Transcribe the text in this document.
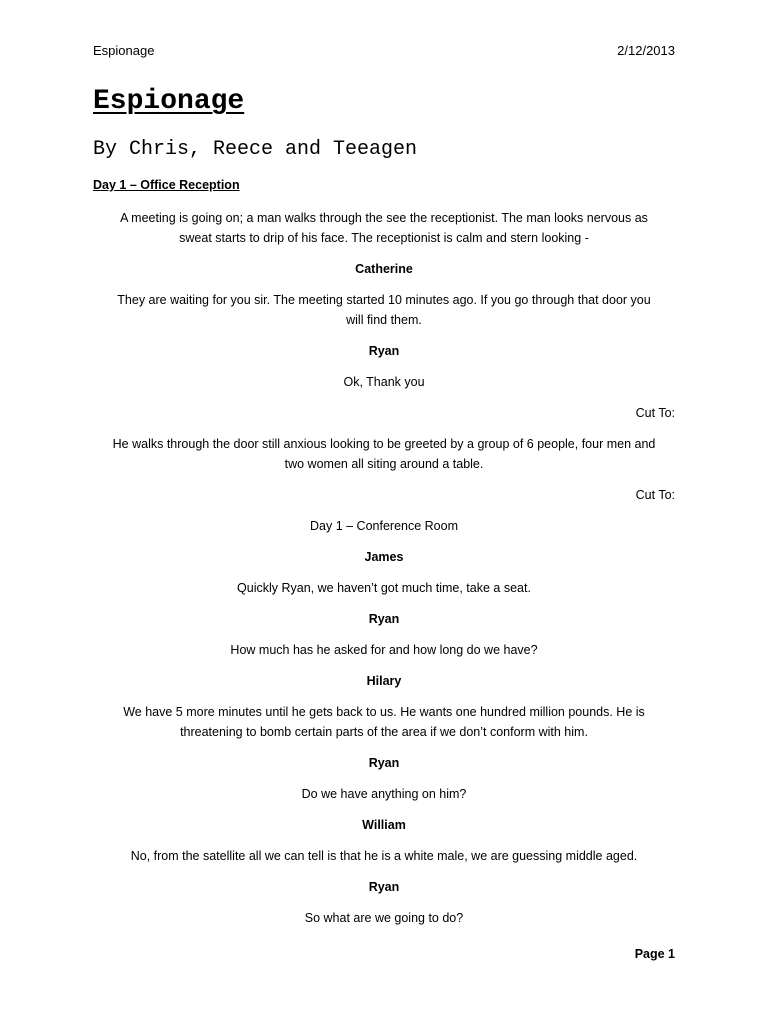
Espionage	2/12/2013
Espionage
By Chris, Reece and Teeagen
Day 1 – Office Reception
A meeting is going on; a man walks through the see the receptionist. The man looks nervous as
sweat starts to drip of his face. The receptionist is calm and stern looking -
Catherine
They are waiting for you sir. The meeting started 10 minutes ago. If you go through that door you
will find them.
Ryan
Ok, Thank you
Cut To:
He walks through the door still anxious looking to be greeted by a group of 6 people, four men and
two women all siting around a table.
Cut To:
Day 1 – Conference Room
James
Quickly Ryan, we haven’t got much time, take a seat.
Ryan
How much has he asked for and how long do we have?
Hilary
We have 5 more minutes until he gets back to us. He wants one hundred million pounds. He is
threatening to bomb certain parts of the area if we don’t conform with him.
Ryan
Do we have anything on him?
William
No, from the satellite all we can tell is that he is a white male, we are guessing middle aged.
Ryan
So what are we going to do?
Page 1
